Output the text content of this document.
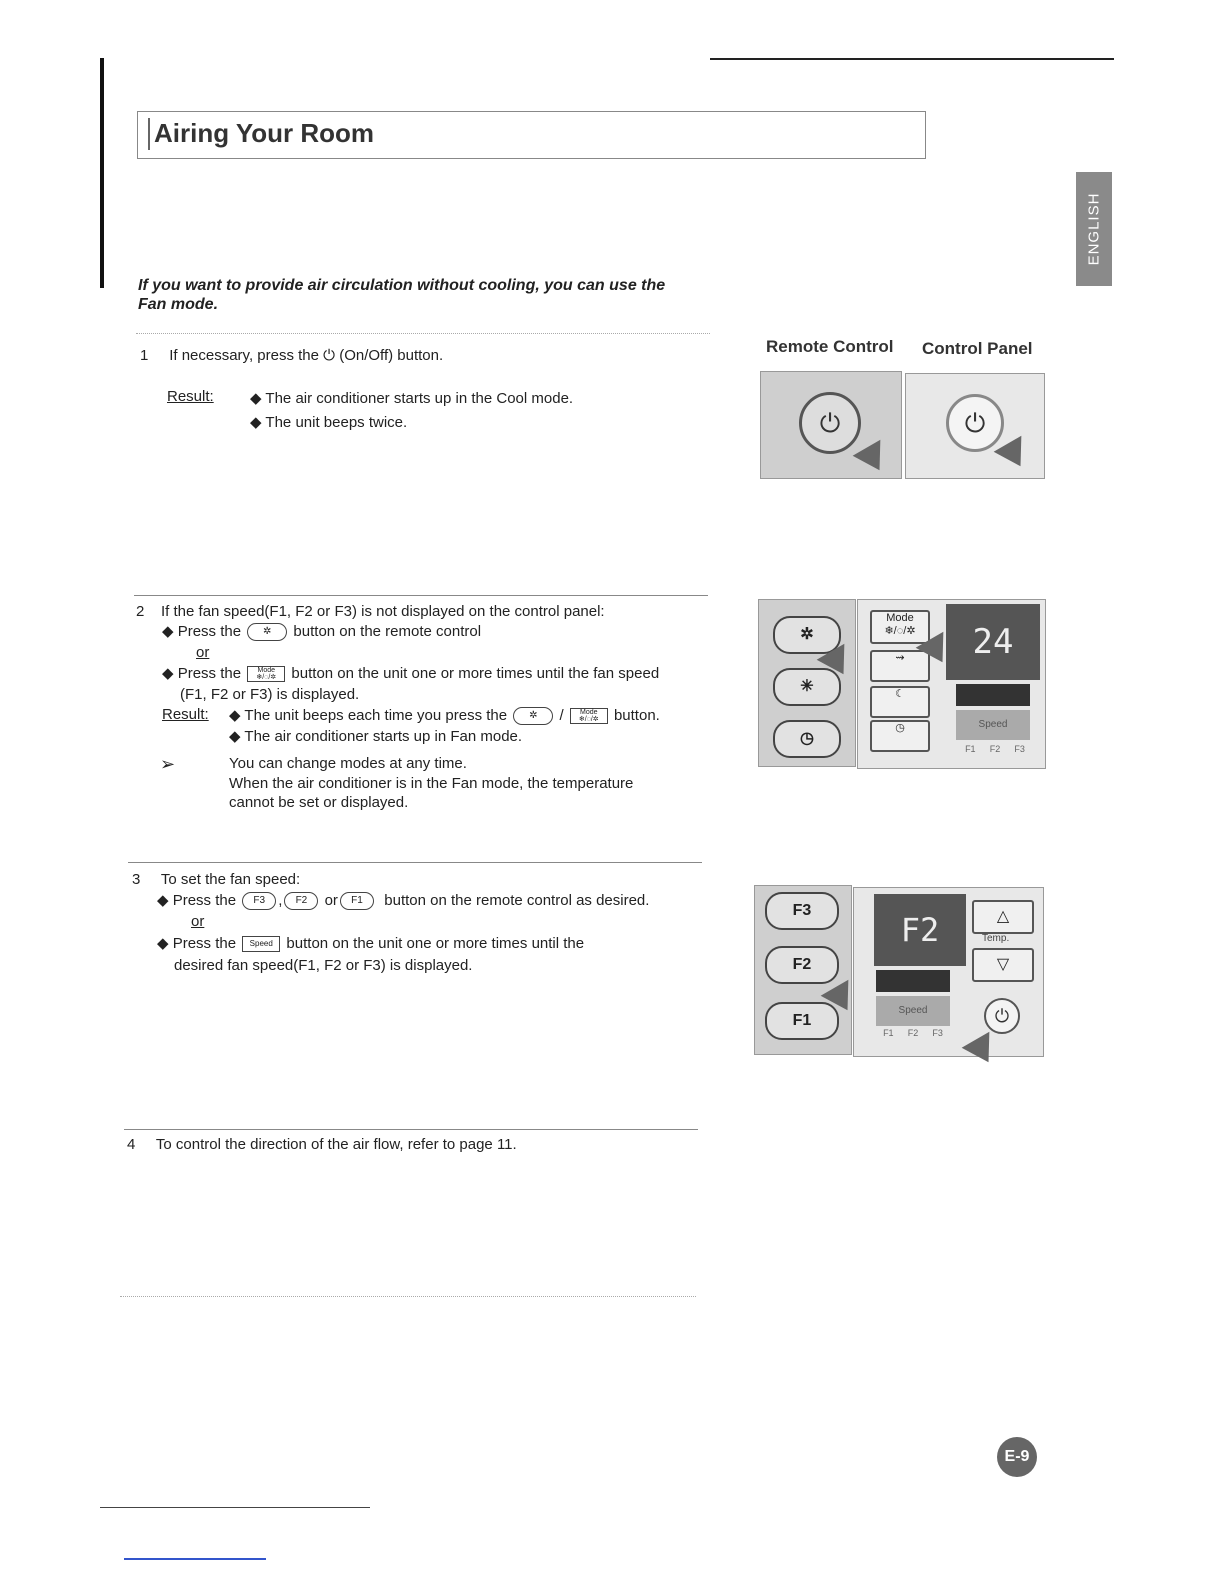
Airing Your Room
ENGLISH
If you want to provide air circulation without cooling, you can use the Fan mode.
Remote Control Control Panel
1 If necessary, press the ⏻ (On/Off) button.
Result: ◆ The air conditioner starts up in the Cool mode.
◆ The unit beeps twice.	⏻	⏻
2 If the fan speed(F1, F2 or F3) is not displayed on the control panel:
◆ Press the ✲ button on the remote control
or
◆ Press the Mode
❄/◌/✲ button on the unit one or more times until the fan speed
(F1, F2 or F3) is displayed.
Result: ◆ The unit beeps each time you press the ✲ / Mode
❄/◌/✲ button.
◆ The air conditioner starts up in Fan mode.
➢	You can change modes at any time.
When the air conditioner is in the Fan mode, the temperature
cannot be set or displayed.
✲
✳
◷
Mode
❄/◌/✲
⇝
☾
◷
24
Speed
F1 F2 F3
3 To set the fan speed:
◆ Press the F3 , F2 or F1 button on the remote control as desired.
or
◆ Press the Speed button on the unit one or more times until the
desired fan speed(F1, F2 or F3) is displayed.
F3
F2
F1
F2
Speed
F1 F2 F3
△
Temp.
▽
⏻
4 To control the direction of the air flow, refer to page 11.
E-9
